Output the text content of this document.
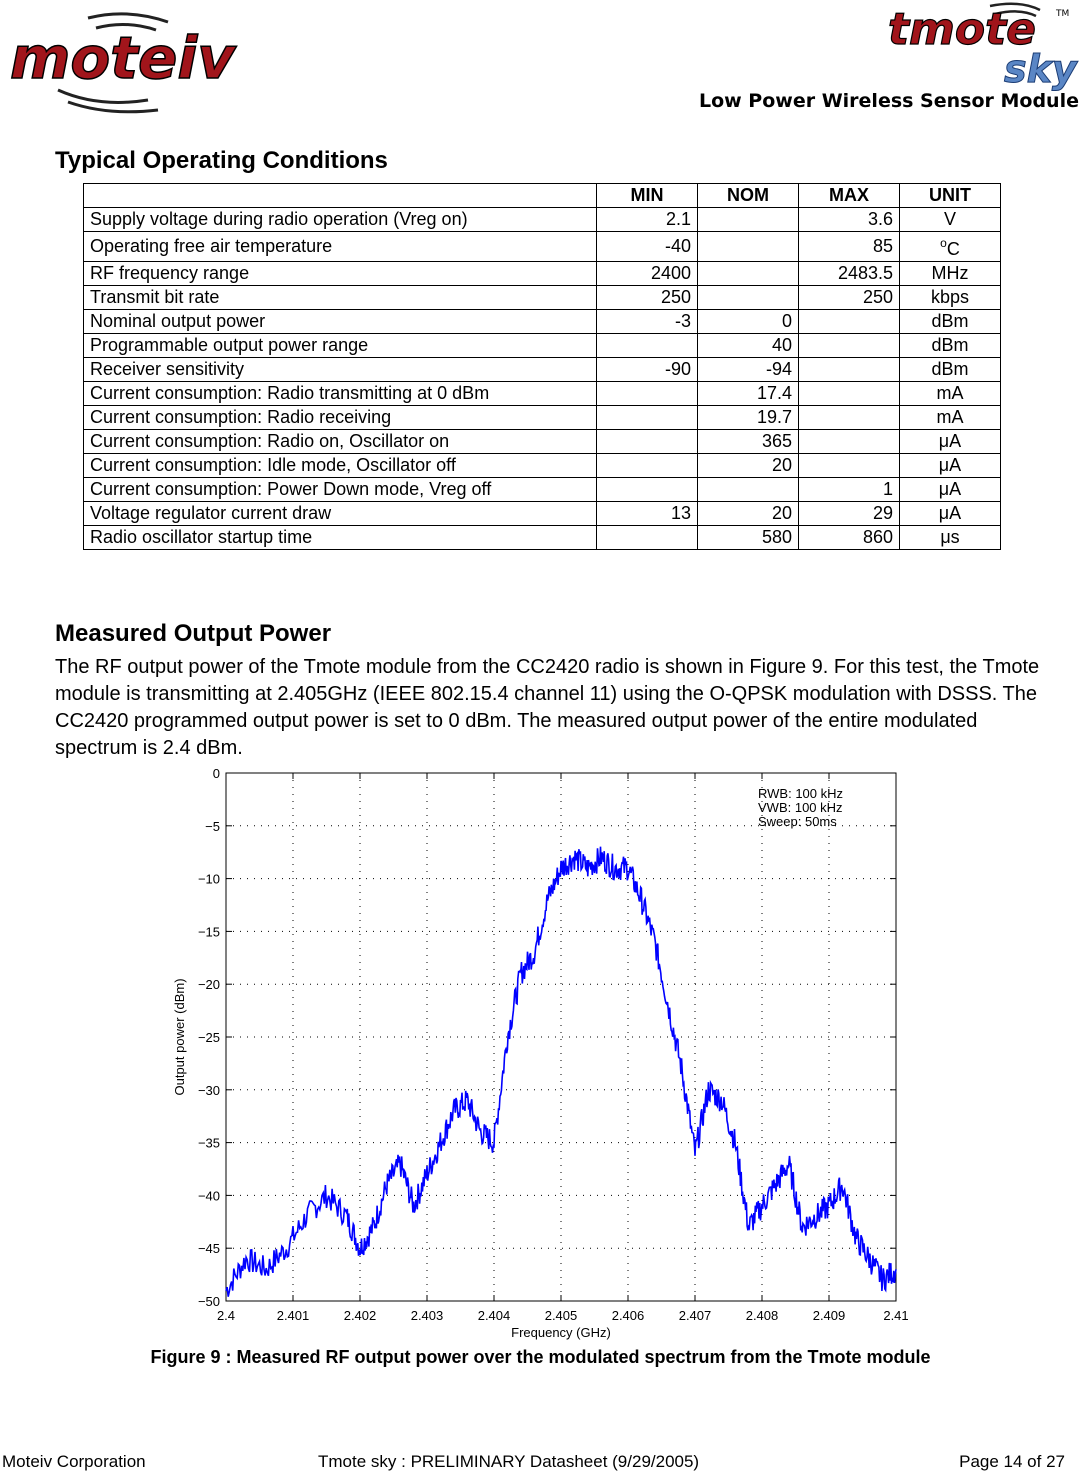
moteiv	tmote TM
sky
Low Power Wireless Sensor Module
Typical Operating Conditions
	MIN	NOM	MAX	UNIT
Supply voltage during radio operation (Vreg on)	2.1		3.6	V
Operating free air temperature	-40		85	$^o$C
RF frequency range	2400		2483.5	MHz
Transmit bit rate	250		250	kbps
Nominal output power	-3	0		dBm
Programmable output power range		40		dBm
Receiver sensitivity	-90	-94		dBm
Current consumption: Radio transmitting at 0 dBm		17.4		mA
Current consumption: Radio receiving		19.7		mA
Current consumption: Radio on, Oscillator on		365		μA
Current consumption: Idle mode, Oscillator off		20		μA
Current consumption: Power Down mode, Vreg off			1	μA
Voltage regulator current draw	13	20	29	μA
Radio oscillator startup time		580	860	μs
Measured Output Power
The RF output power of the Tmote module from the CC2420 radio is shown in Figure 9. For this test, the Tmote module is transmitting at 2.405GHz (IEEE 802.15.4 channel 11) using the O-QPSK modulation with DSSS. The CC2420 programmed output power is set to 0 dBm. The measured output power of the entire modulated spectrum is 2.4 dBm.
2.4	2.401	2.402	2.403	2.404	2.405	2.406	2.407	2.408	2.409	2.41
0
−5
−10
−15
−20
−25
−30
−35
−40
−45
−50
Frequency (GHz)
Output power (dBm)
RWB: 100 kHz
VWB: 100 kHz
Sweep: 50ms
Figure 9 : Measured RF output power over the modulated spectrum from the Tmote module
Moteiv Corporation	Tmote sky : PRELIMINARY Datasheet (9/29/2005)	Page 14 of 27
